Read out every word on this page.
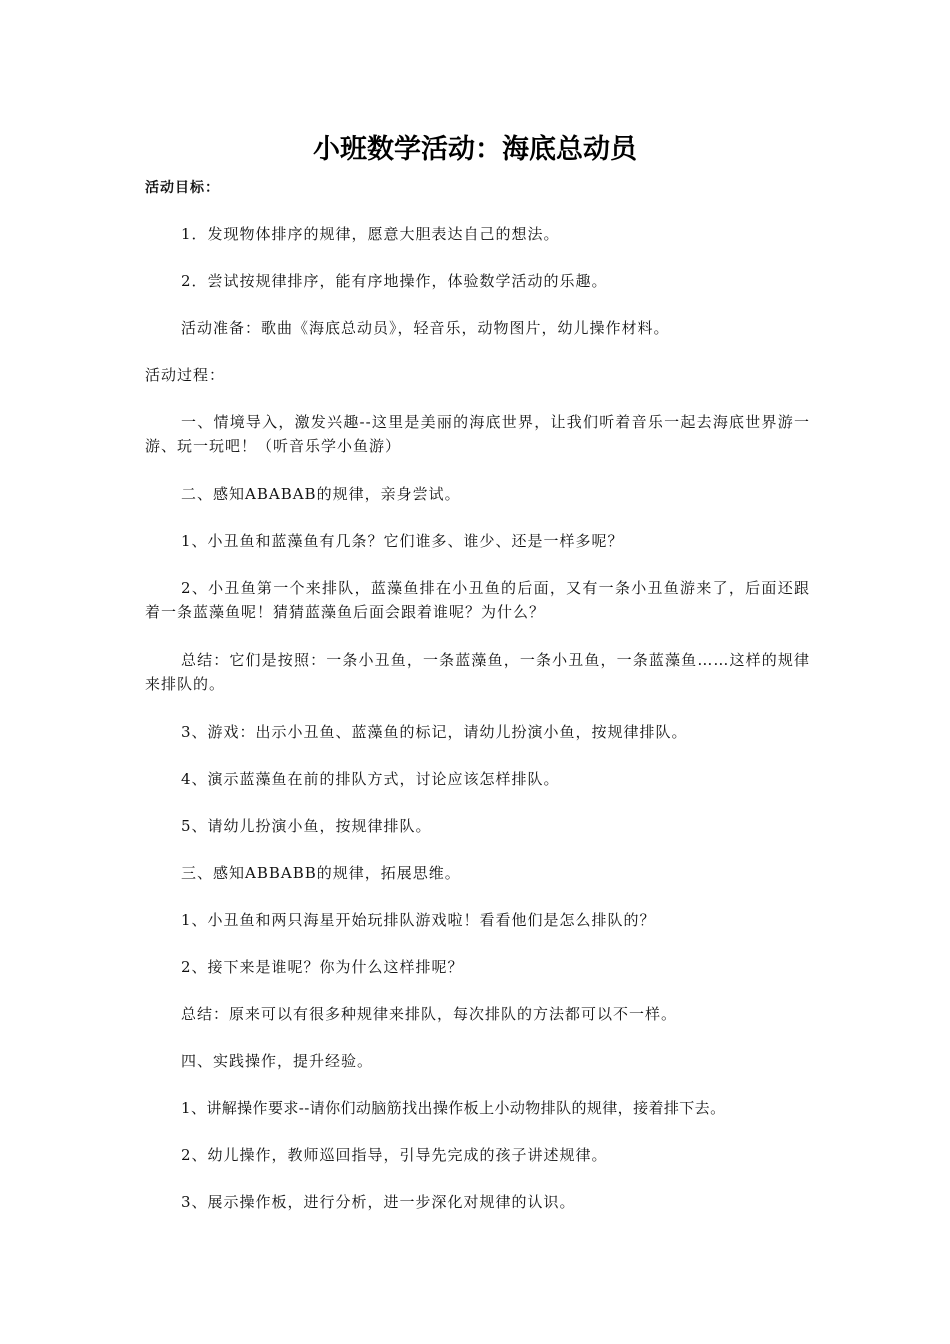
小班数学活动：海底总动员

活动目标：

1．发现物体排序的规律，愿意大胆表达自己的想法。

2．尝试按规律排序，能有序地操作，体验数学活动的乐趣。

活动准备：歌曲《海底总动员》，轻音乐，动物图片，幼儿操作材料。

活动过程：

一、情境导入，激发兴趣--这里是美丽的海底世界，让我们听着音乐一起去海底世界游一游、玩一玩吧！（听音乐学小鱼游）

二、感知ABABAB的规律，亲身尝试。

1、小丑鱼和蓝藻鱼有几条？它们谁多、谁少、还是一样多呢？

2、小丑鱼第一个来排队，蓝藻鱼排在小丑鱼的后面，又有一条小丑鱼游来了，后面还跟着一条蓝藻鱼呢！猜猜蓝藻鱼后面会跟着谁呢？为什么？

总结：它们是按照：一条小丑鱼，一条蓝藻鱼，一条小丑鱼，一条蓝藻鱼……这样的规律来排队的。

3、游戏：出示小丑鱼、蓝藻鱼的标记，请幼儿扮演小鱼，按规律排队。

4、演示蓝藻鱼在前的排队方式，讨论应该怎样排队。

5、请幼儿扮演小鱼，按规律排队。

三、感知ABBABB的规律，拓展思维。

1、小丑鱼和两只海星开始玩排队游戏啦！看看他们是怎么排队的？

2、接下来是谁呢？你为什么这样排呢？

总结：原来可以有很多种规律来排队，每次排队的方法都可以不一样。

四、实践操作，提升经验。

1、讲解操作要求--请你们动脑筋找出操作板上小动物排队的规律，接着排下去。

2、幼儿操作，教师巡回指导，引导先完成的孩子讲述规律。

3、展示操作板，进行分析，进一步深化对规律的认识。
